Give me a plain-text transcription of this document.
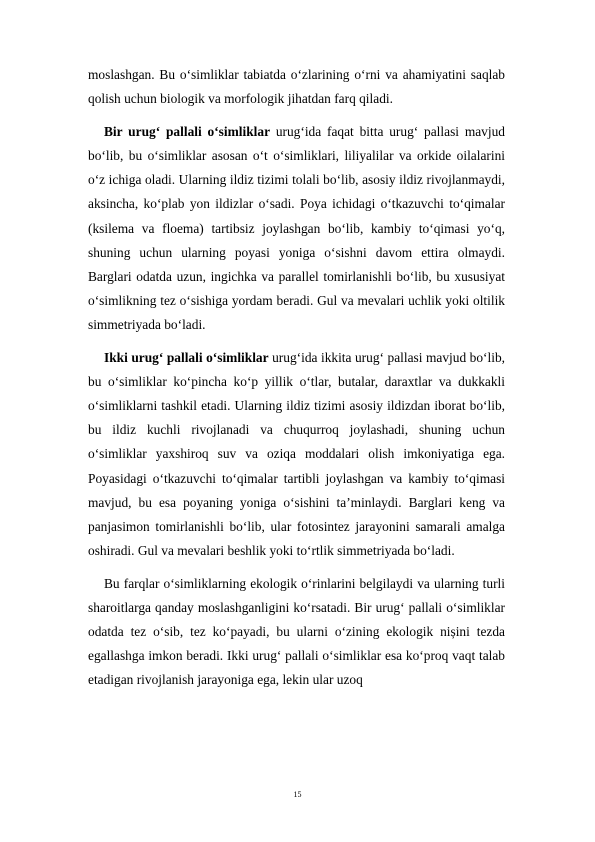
moslashgan. Bu o‘simliklar tabiatda o‘zlarining o‘rni va ahamiyatini saqlab qolish uchun biologik va morfologik jihatdan farq qiladi.

Bir urug‘ pallali o‘simliklar urug‘ida faqat bitta urug‘ pallasi mavjud bo‘lib, bu o‘simliklar asosan o‘t o‘simliklari, liliyalilar va orkide oilalarini o‘z ichiga oladi. Ularning ildiz tizimi tolali bo‘lib, asosiy ildiz rivojlanmaydi, aksincha, ko‘plab yon ildizlar o‘sadi. Poya ichidagi o‘tkazuvchi to‘qimalar (ksilema va floema) tartibsiz joylashgan bo‘lib, kambiy to‘qimasi yo‘q, shuning uchun ularning poyasi yoniga o‘sishni davom ettira olmaydi. Barglari odatda uzun, ingichka va parallel tomirlanishli bo‘lib, bu xususiyat o‘simlikning tez o‘sishiga yordam beradi. Gul va mevalari uchlik yoki oltilik simmetriyada bo‘ladi.

Ikki urug‘ pallali o‘simliklar urug‘ida ikkita urug‘ pallasi mavjud bo‘lib, bu o‘simliklar ko‘pincha ko‘p yillik o‘tlar, butalar, daraxtlar va dukkakli o‘simliklarni tashkil etadi. Ularning ildiz tizimi asosiy ildizdan iborat bo‘lib, bu ildiz kuchli rivojlanadi va chuqurroq joylashadi, shuning uchun o‘simliklar yaxshiroq suv va oziqa moddalari olish imkoniyatiga ega. Poyasidagi o‘tkazuvchi to‘qimalar tartibli joylashgan va kambiy to‘qimasi mavjud, bu esa poyaning yoniga o‘sishini ta’minlaydi. Barglari keng va panjasimon tomirlanishli bo‘lib, ular fotosintez jarayonini samarali amalga oshiradi. Gul va mevalari beshlik yoki to‘rtlik simmetriyada bo‘ladi.

Bu farqlar o‘simliklarning ekologik o‘rinlarini belgilaydi va ularning turli sharoitlarga qanday moslashganligini ko‘rsatadi. Bir urug‘ pallali o‘simliklar odatda tez o‘sib, tez ko‘payadi, bu ularni o‘zining ekologik nișini tezda egallashga imkon beradi. Ikki urug‘ pallali o‘simliklar esa ko‘proq vaqt talab etadigan rivojlanish jarayoniga ega, lekin ular uzoq

15
